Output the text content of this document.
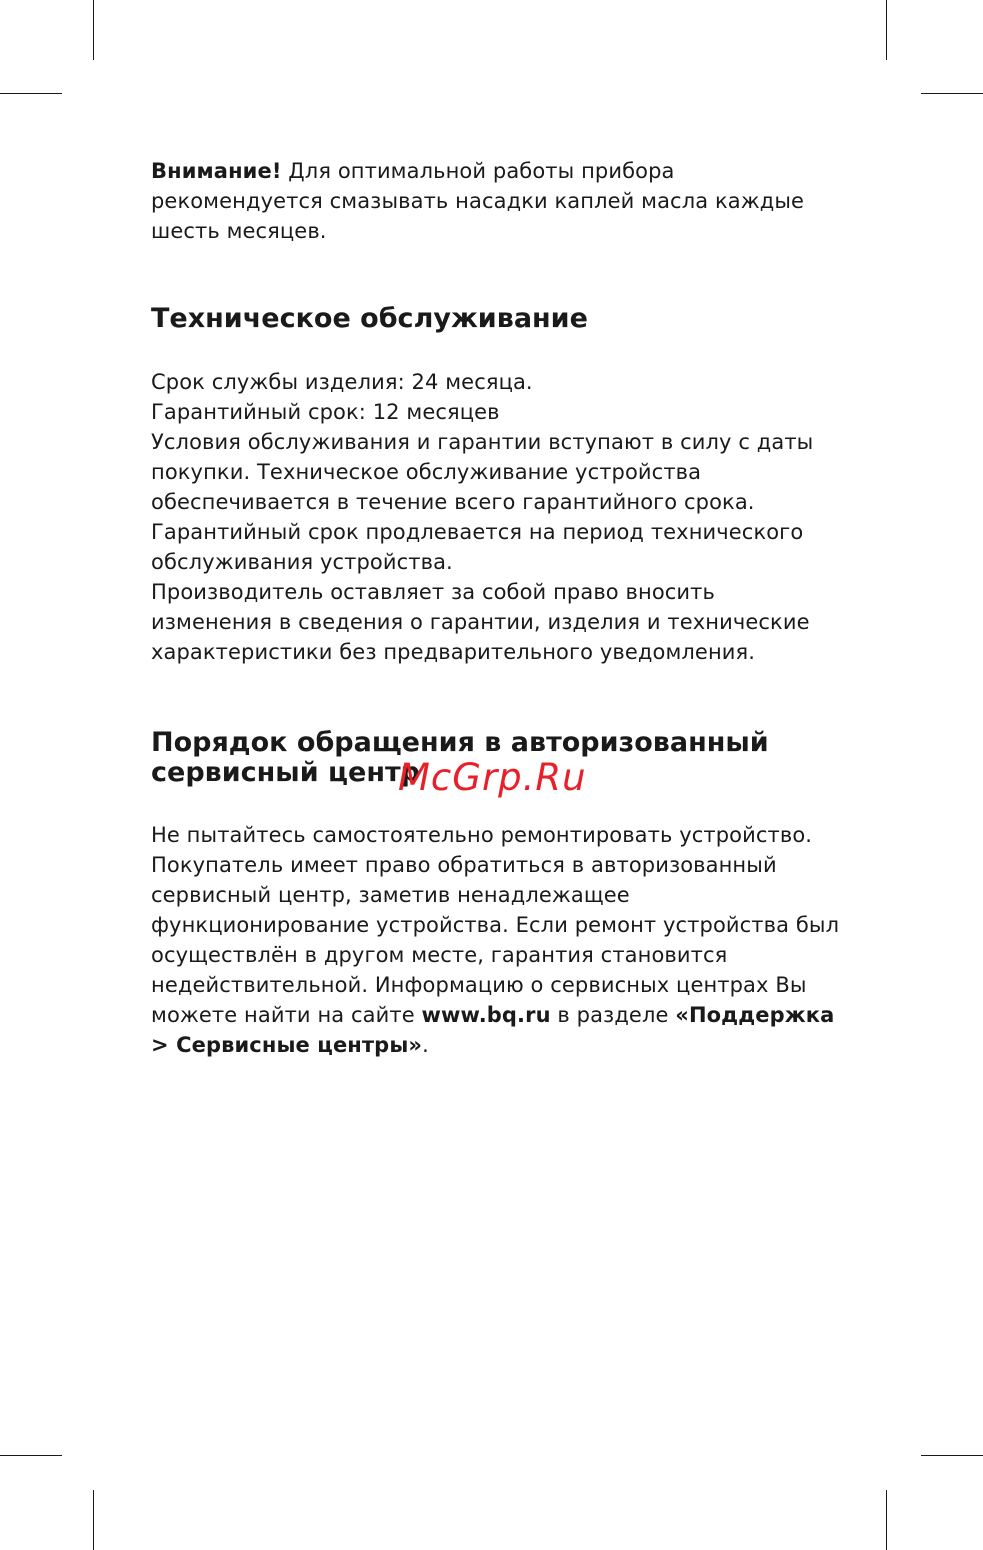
Внимание! Для оптимальной работы прибора рекомендуется смазывать насадки каплей масла каждые шесть месяцев.

Техническое обслуживание

Срок службы изделия: 24 месяца.

Гарантийный срок: 12 месяцев

Условия обслуживания и гарантии вступают в силу с даты покупки. Техническое обслуживание устройства обеспечивается в течение всего гарантийного срока. Гарантийный срок продлевается на период технического обслуживания устройства.

Производитель оставляет за собой право вносить изменения в сведения о гарантии, изделия и технические характеристики без предварительного уведомления.

Порядок обращения в авторизованный сервисный центр

Не пытайтесь самостоятельно ремонтировать устройство. Покупатель имеет право обратиться в авторизованный сервисный центр, заметив ненадлежащее функционирование устройства. Если ремонт устройства был осуществлён в другом месте, гарантия становится недействительной. Информацию о сервисных центрах Вы можете найти на сайте www.bq.ru в разделе «Поддержка > Сервисные центры».

McGrp.Ru
